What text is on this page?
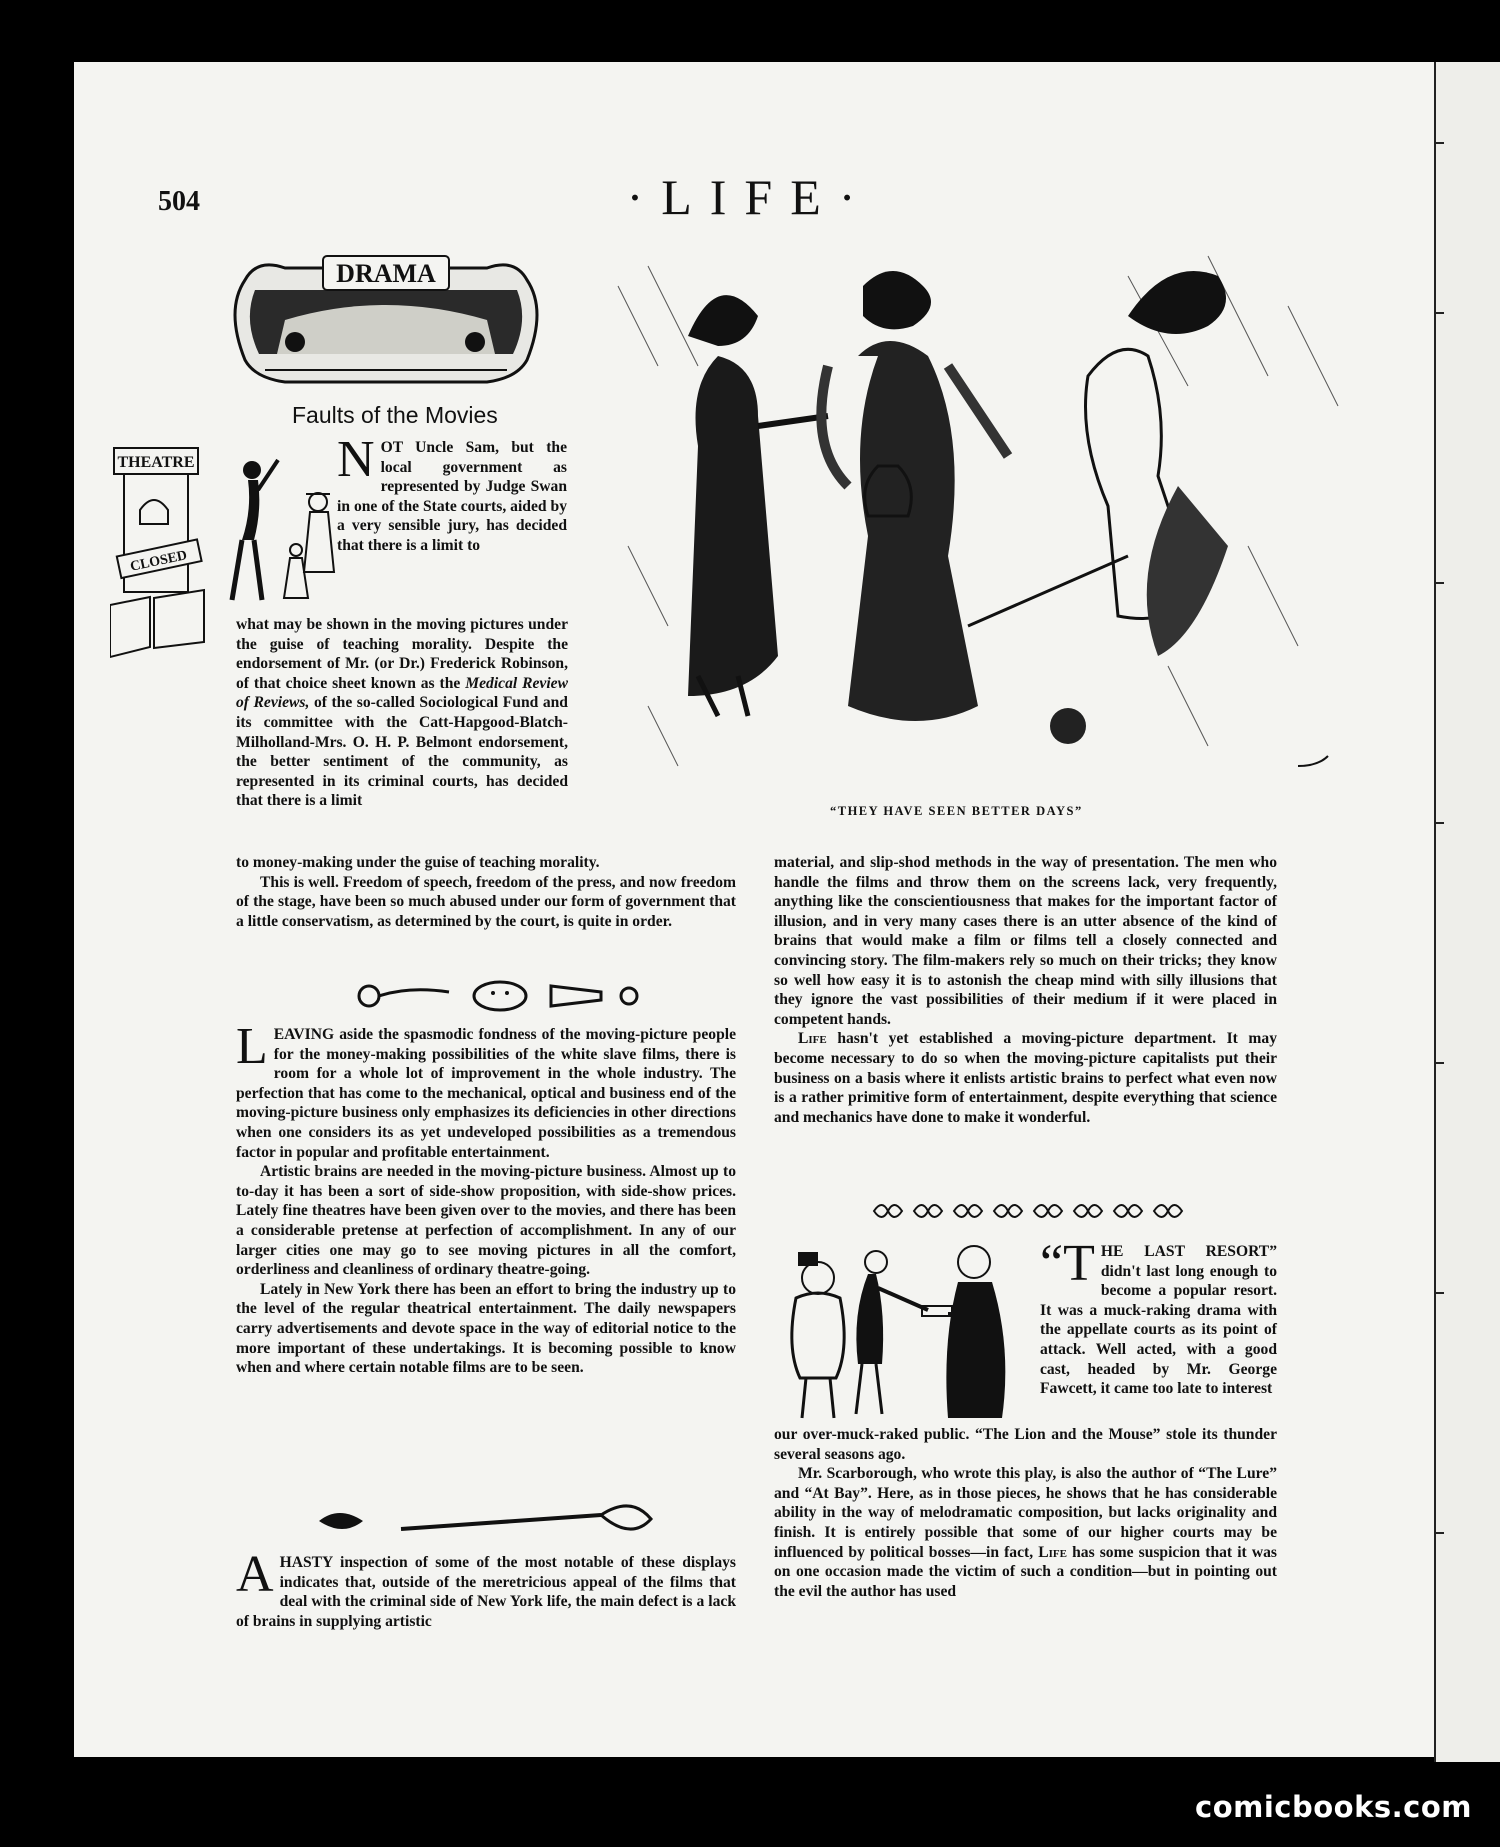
comicbooks.com
504	·LIFE·
DRAMA
THEATRE
CLOSED
“THEY HAVE SEEN BETTER DAYS”
Faults of the Movies

NOT Uncle Sam, but the local government as represented by Judge Swan in one of the State courts, aided by a very sensible jury, has decided that there is a limit to

what may be shown in the moving pictures under the guise of teaching morality. Despite the endorsement of Mr. (or Dr.) Frederick Robinson, of that choice sheet known as the Medical Review of Reviews, of the so-called Sociological Fund and its committee with the Catt-Hapgood-Blatch-Milholland-Mrs. O. H. P. Belmont endorsement, the better sentiment of the community, as represented in its criminal courts, has decided that there is a limit

to money-making under the guise of teaching morality.

This is well. Freedom of speech, freedom of the press, and now freedom of the stage, have been so much abused under our form of government that a little conservatism, as determined by the court, is quite in order.

LEAVING aside the spasmodic fondness of the moving-picture people for the money-making possibilities of the white slave films, there is room for a whole lot of improvement in the whole industry. The perfection that has come to the mechanical, optical and business end of the moving-picture business only emphasizes its deficiencies in other directions when one considers its as yet undeveloped possibilities as a tremendous factor in popular and profitable entertainment.

Artistic brains are needed in the moving-picture business. Almost up to to-day it has been a sort of side-show proposition, with side-show prices. Lately fine theatres have been given over to the movies, and there has been a considerable pretense at perfection of accomplishment. In any of our larger cities one may go to see moving pictures in all the comfort, orderliness and cleanliness of ordinary theatre-going.

Lately in New York there has been an effort to bring the industry up to the level of the regular theatrical entertainment. The daily newspapers carry advertisements and devote space in the way of editorial notice to the more important of these undertakings. It is becoming possible to know when and where certain notable films are to be seen.

AHASTY inspection of some of the most notable of these displays indicates that, outside of the meretricious appeal of the films that deal with the criminal side of New York life, the main defect is a lack of brains in supplying artistic

material, and slip-shod methods in the way of presentation. The men who handle the films and throw them on the screens lack, very frequently, anything like the conscientiousness that makes for the important factor of illusion, and in very many cases there is an utter absence of the kind of brains that would make a film or films tell a closely connected and convincing story. The film-makers rely so much on their tricks; they know so well how easy it is to astonish the cheap mind with silly illusions that they ignore the vast possibilities of their medium if it were placed in competent hands.

Life hasn't yet established a moving-picture department. It may become necessary to do so when the moving-picture capitalists put their business on a basis where it enlists artistic brains to perfect what even now is a rather primitive form of entertainment, despite everything that science and mechanics have done to make it wonderful.

“THE LAST RESORT” didn't last long enough to become a popular resort. It was a muck-raking drama with the appellate courts as its point of attack. Well acted, with a good cast, headed by Mr. George Fawcett, it came too late to interest

our over-muck-raked public. “The Lion and the Mouse” stole its thunder several seasons ago.

Mr. Scarborough, who wrote this play, is also the author of “The Lure” and “At Bay”. Here, as in those pieces, he shows that he has considerable ability in the way of melodramatic composition, but lacks originality and finish. It is entirely possible that some of our higher courts may be influenced by political bosses—in fact, Life has some suspicion that it was on one occasion made the victim of such a condition—but in pointing out the evil the author has used
